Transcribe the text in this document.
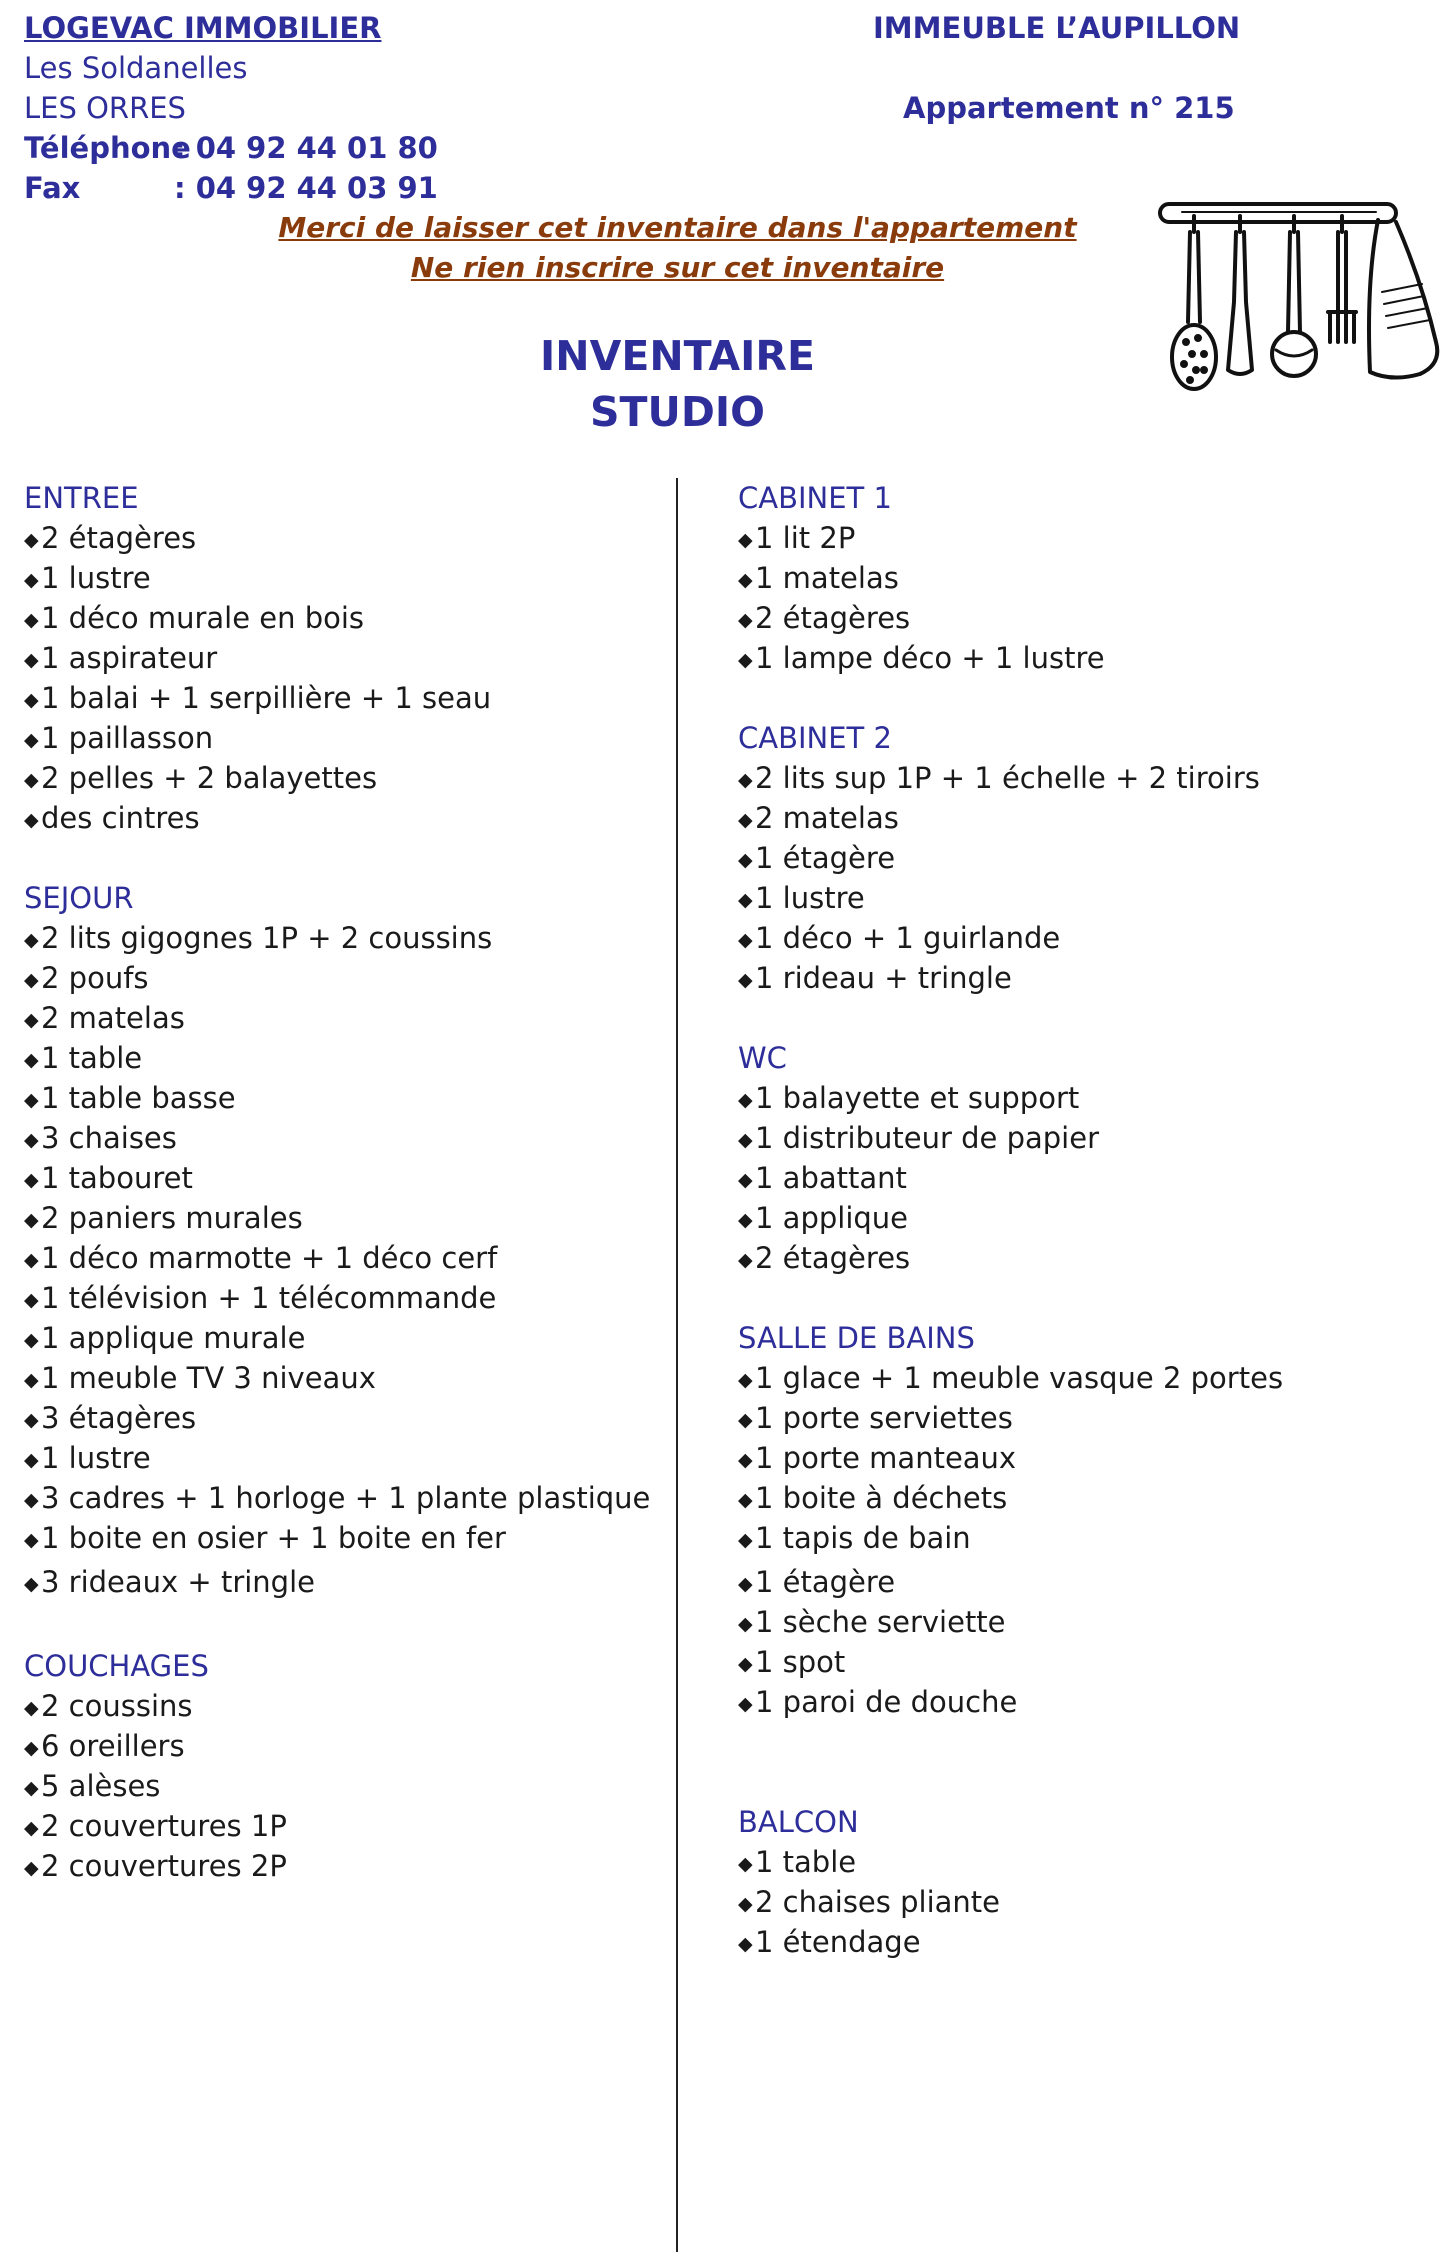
LOGEVAC IMMOBILIER
Les Soldanelles
LES ORRES
Téléphone: 04 92 44 01 80
Fax	: 04 92 44 03 91
IMMEUBLE L’AUPILLON
Appartement n° 215
Merci de laisser cet inventaire dans l'appartement
Ne rien inscrire sur cet inventaire
INVENTAIRE
STUDIO
ENTREE
◆2 étagères
◆1 lustre
◆1 déco murale en bois
◆1 aspirateur
◆1 balai + 1 serpillière + 1 seau
◆1 paillasson
◆2 pelles + 2 balayettes
◆des cintres
SEJOUR
◆2 lits gigognes 1P + 2 coussins
◆2 poufs
◆2 matelas
◆1 table
◆1 table basse
◆3 chaises
◆1 tabouret
◆2 paniers murales
◆1 déco marmotte + 1 déco cerf
◆1 télévision + 1 télécommande
◆1 applique murale
◆1 meuble TV 3 niveaux
◆3 étagères
◆1 lustre
◆3 cadres + 1 horloge + 1 plante plastique
◆1 boite en osier + 1 boite en fer
◆3 rideaux + tringle
COUCHAGES
◆2 coussins
◆6 oreillers
◆5 alèses
◆2 couvertures 1P
◆2 couvertures 2P
CABINET 1
◆1 lit 2P
◆1 matelas
◆2 étagères
◆1 lampe déco + 1 lustre
CABINET 2
◆2 lits sup 1P + 1 échelle + 2 tiroirs
◆2 matelas
◆1 étagère
◆1 lustre
◆1 déco + 1 guirlande
◆1 rideau + tringle
WC
◆1 balayette et support
◆1 distributeur de papier
◆1 abattant
◆1 applique
◆2 étagères
SALLE DE BAINS
◆1 glace + 1 meuble vasque 2 portes
◆1 porte serviettes
◆1 porte manteaux
◆1 boite à déchets
◆1 tapis de bain
◆1 étagère
◆1 sèche serviette
◆1 spot
◆1 paroi de douche
BALCON
◆1 table
◆2 chaises pliante
◆1 étendage
